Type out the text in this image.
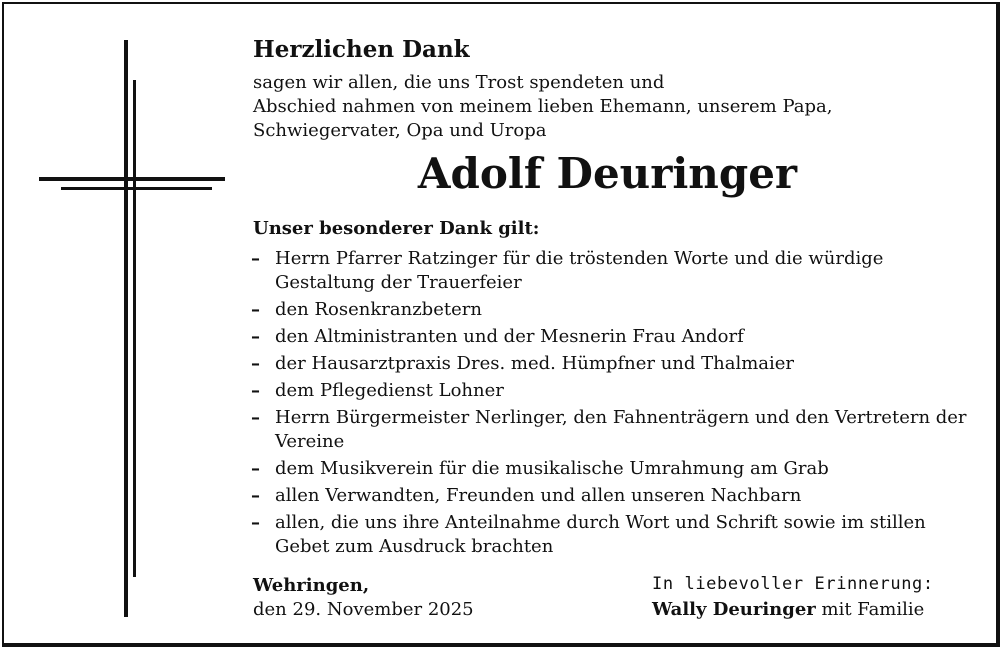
Herzlichen Dank
sagen wir allen, die uns Trost spendeten und
Abschied nahmen von meinem lieben Ehemann, unserem Papa,
Schwiegervater, Opa und Uropa
Adolf Deuringer
Unser besonderer Dank gilt:
– Herrn Pfarrer Ratzinger für die tröstenden Worte und die würdige Gestaltung der Trauerfeier
– den Rosenkranzbetern
– den Altministranten und der Mesnerin Frau Andorf
– der Hausarztpraxis Dres. med. Hümpfner und Thalmaier
– dem Pflegedienst Lohner
– Herrn Bürgermeister Nerlinger, den Fahnenträgern und den Vertretern der Vereine
– dem Musikverein für die musikalische Umrahmung am Grab
– allen Verwandten, Freunden und allen unseren Nachbarn
– allen, die uns ihre Anteilnahme durch Wort und Schrift sowie im stillen Gebet zum Ausdruck brachten
Wehringen,
den 29. November 2025
In liebevoller Erinnerung:
Wally Deuringer mit Familie
